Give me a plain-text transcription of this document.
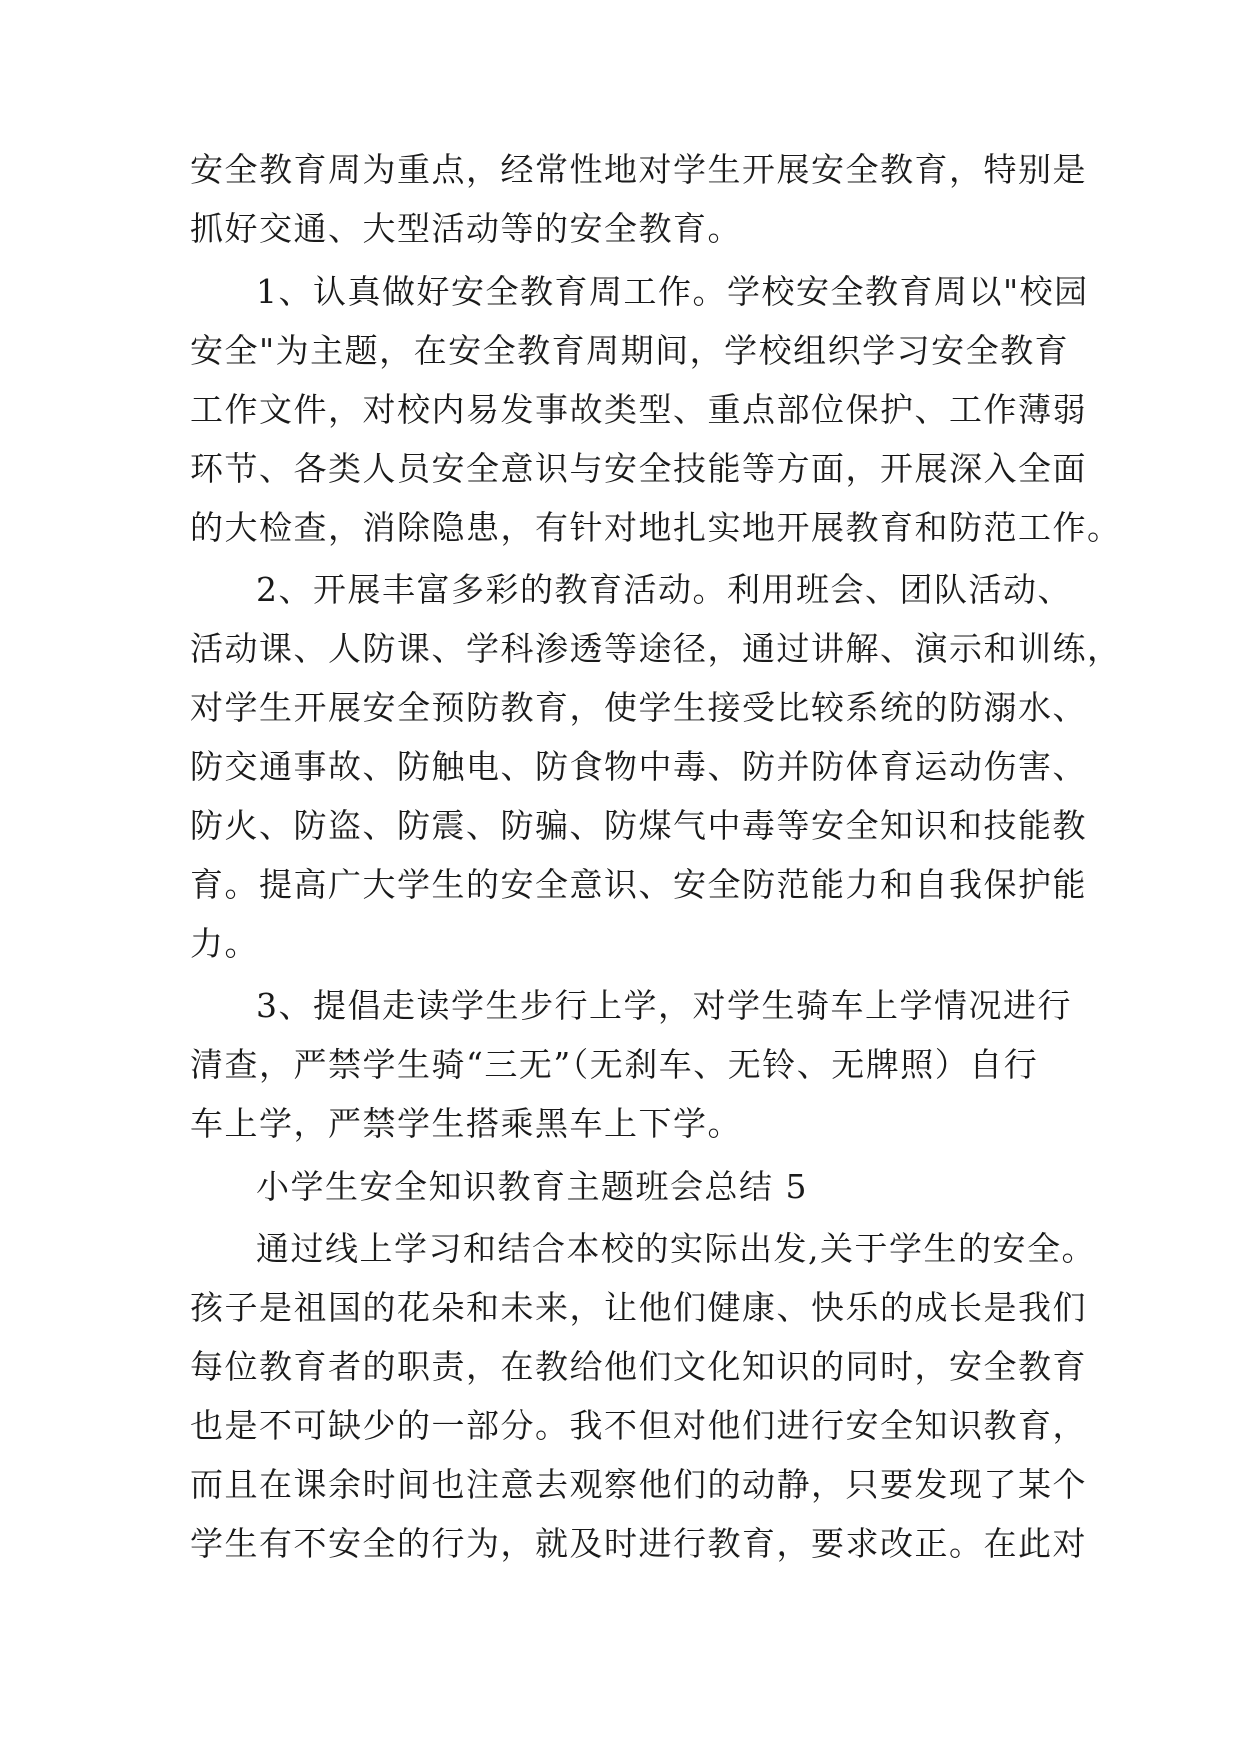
安全教育周为重点，经常性地对学生开展安全教育，特别是
抓好交通、大型活动等的安全教育。
1、认真做好安全教育周工作。学校安全教育周以"校园
安全"为主题，在安全教育周期间，学校组织学习安全教育
工作文件，对校内易发事故类型、重点部位保护、工作薄弱
环节、各类人员安全意识与安全技能等方面，开展深入全面
的大检查，消除隐患，有针对地扎实地开展教育和防范工作。
2、开展丰富多彩的教育活动。利用班会、团队活动、
活动课、人防课、学科渗透等途径，通过讲解、演示和训练，
对学生开展安全预防教育，使学生接受比较系统的防溺水、
防交通事故、防触电、防食物中毒、防并防体育运动伤害、
防火、防盗、防震、防骗、防煤气中毒等安全知识和技能教
育。提高广大学生的安全意识、安全防范能力和自我保护能
力。
3、提倡走读学生步行上学，对学生骑车上学情况进行
清查，严禁学生骑“三无”（无刹车、无铃、无牌照）自行
车上学，严禁学生搭乘黑车上下学。
小学生安全知识教育主题班会总结 5
通过线上学习和结合本校的实际出发,关于学生的安全。
孩子是祖国的花朵和未来，让他们健康、快乐的成长是我们
每位教育者的职责，在教给他们文化知识的同时，安全教育
也是不可缺少的一部分。我不但对他们进行安全知识教育，
而且在课余时间也注意去观察他们的动静，只要发现了某个
学生有不安全的行为，就及时进行教育，要求改正。在此对
